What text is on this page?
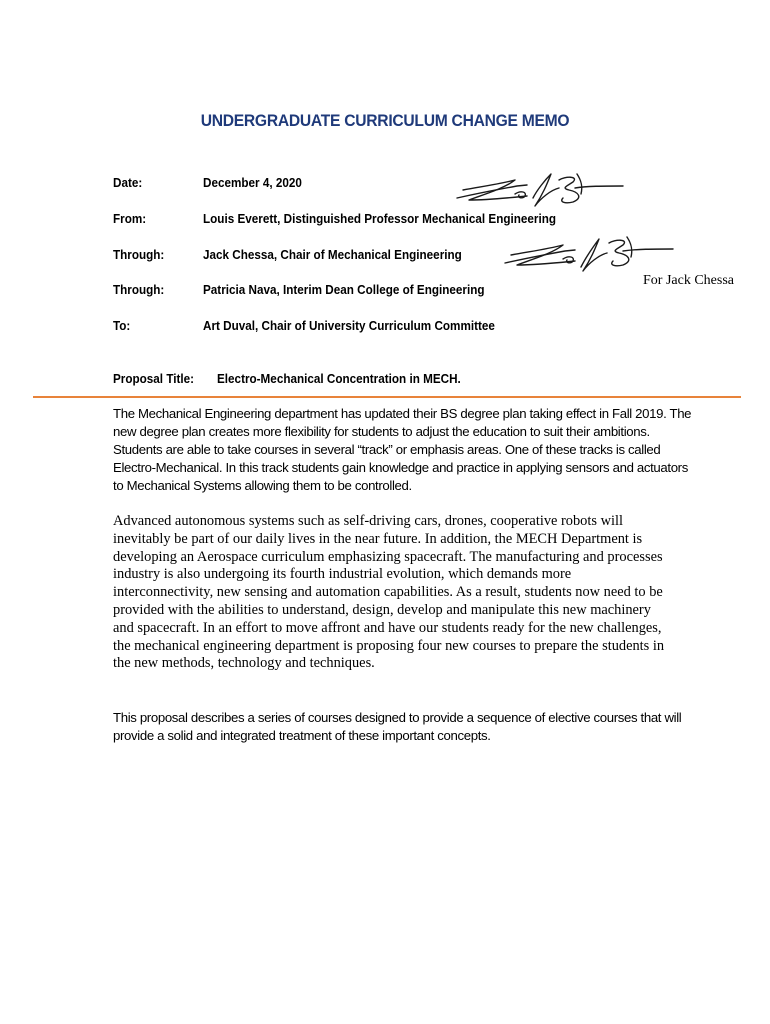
UNDERGRADUATE CURRICULUM CHANGE MEMO
Date:	December 4, 2020
From:	Louis Everett, Distinguished Professor Mechanical Engineering
Through:	Jack Chessa, Chair of Mechanical Engineering
Through:	Patricia Nava, Interim Dean College of Engineering
To:	Art Duval, Chair of University Curriculum Committee
For Jack Chessa
Proposal Title: Electro-Mechanical Concentration in MECH.
The Mechanical Engineering department has updated their BS degree plan taking effect in Fall 2019. The new degree plan creates more flexibility for students to adjust the education to suit their ambitions. Students are able to take courses in several “track” or emphasis areas. One of these tracks is called Electro-Mechanical. In this track students gain knowledge and practice in applying sensors and actuators to Mechanical Systems allowing them to be controlled.
Advanced autonomous systems such as self-driving cars, drones, cooperative robots will inevitably be part of our daily lives in the near future. In addition, the MECH Department is developing an Aerospace curriculum emphasizing spacecraft. The manufacturing and processes industry is also undergoing its fourth industrial evolution, which demands more interconnectivity, new sensing and automation capabilities. As a result, students now need to be provided with the abilities to understand, design, develop and manipulate this new machinery and spacecraft. In an effort to move affront and have our students ready for the new challenges, the mechanical engineering department is proposing four new courses to prepare the students in the new methods, technology and techniques.
This proposal describes a series of courses designed to provide a sequence of elective courses that will provide a solid and integrated treatment of these important concepts.
